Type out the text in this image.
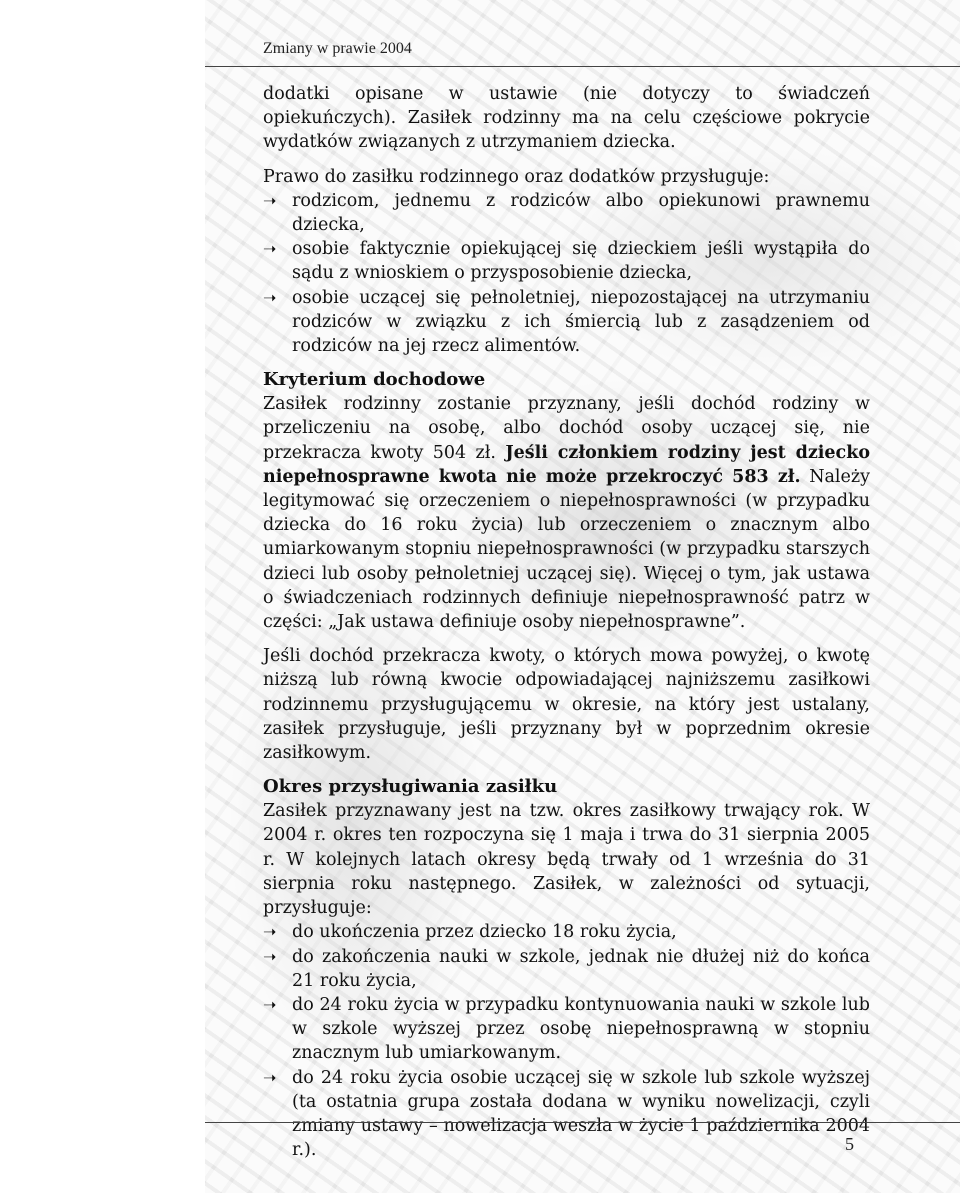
Zmiany w prawie 2004

dodatki opisane w ustawie (nie dotyczy to świadczeń opiekuńczych). Zasiłek rodzinny ma na celu częściowe pokrycie wydatków związanych z utrzymaniem dziecka.

Prawo do zasiłku rodzinnego oraz dodatków przysługuje:

➝ rodzicom, jednemu z rodziców albo opiekunowi prawnemu dziecka,
➝ osobie faktycznie opiekującej się dzieckiem jeśli wystąpiła do sądu z wnioskiem o przysposobienie dziecka,
➝ osobie uczącej się pełnoletniej, niepozostającej na utrzymaniu rodziców w związku z ich śmiercią lub z zasądzeniem od rodziców na jej rzecz alimentów.
Kryterium dochodowe

Zasiłek rodzinny zostanie przyznany, jeśli dochód rodziny w przeliczeniu na osobę, albo dochód osoby uczącej się, nie przekracza kwoty 504 zł. Jeśli członkiem rodziny jest dziecko niepełnosprawne kwota nie może przekroczyć 583 zł. Należy legitymować się orzeczeniem o niepełnosprawności (w przypadku dziecka do 16 roku życia) lub orzeczeniem o znacznym albo umiarkowanym stopniu niepełnosprawności (w przypadku starszych dzieci lub osoby pełnoletniej uczącej się). Więcej o tym, jak ustawa o świadczeniach rodzinnych definiuje niepełnosprawność patrz w części: „Jak ustawa definiuje osoby niepełnosprawne”.

Jeśli dochód przekracza kwoty, o których mowa powyżej, o kwotę niższą lub równą kwocie odpowiadającej najniższemu zasiłkowi rodzinnemu przysługującemu w okresie, na który jest ustalany, zasiłek przysługuje, jeśli przyznany był w poprzednim okresie zasiłkowym.

Okres przysługiwania zasiłku

Zasiłek przyznawany jest na tzw. okres zasiłkowy trwający rok. W 2004 r. okres ten rozpoczyna się 1 maja i trwa do 31 sierpnia 2005 r. W kolejnych latach okresy będą trwały od 1 września do 31 sierpnia roku następnego. Zasiłek, w zależności od sytuacji, przysługuje:

➝ do ukończenia przez dziecko 18 roku życia,
➝ do zakończenia nauki w szkole, jednak nie dłużej niż do końca 21 roku życia,
➝ do 24 roku życia w przypadku kontynuowania nauki w szkole lub w szkole wyższej przez osobę niepełnosprawną w stopniu znacznym lub umiarkowanym.
➝ do 24 roku życia osobie uczącej się w szkole lub szkole wyższej (ta ostatnia grupa została dodana w wyniku nowelizacji, czyli zmiany ustawy – nowelizacja weszła w życie 1 października 2004 r.).	5
